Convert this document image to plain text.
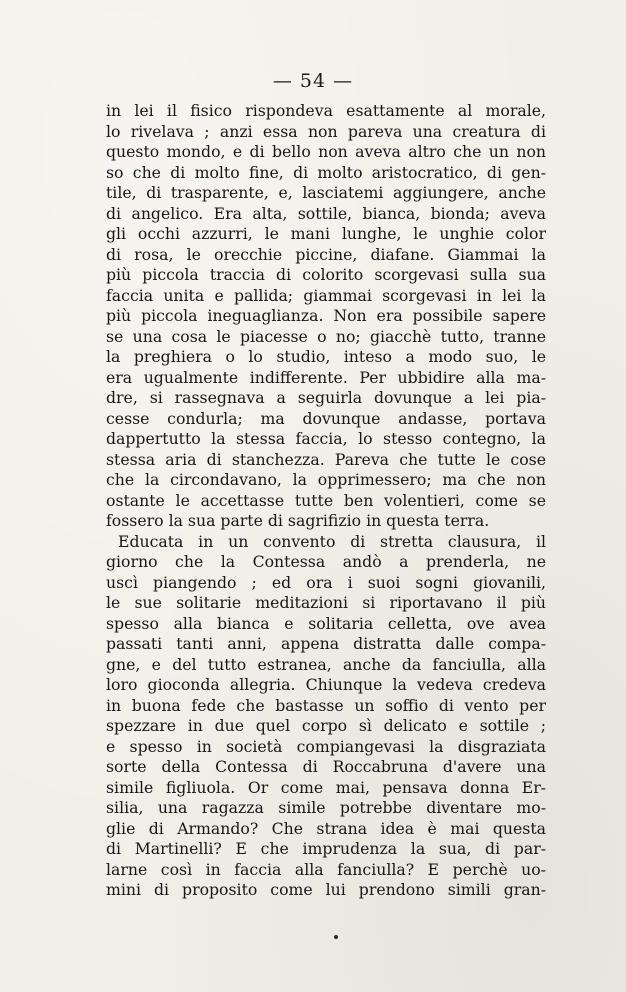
— 54 —
in lei il fisico rispondeva esattamente al morale,
lo rivelava ; anzi essa non pareva una creatura di
questo mondo, e di bello non aveva altro che un non
so che di molto fine, di molto aristocratico, di gen-
tile, di trasparente, e, lasciatemi aggiungere, anche
di angelico. Era alta, sottile, bianca, bionda; aveva
gli occhi azzurri, le mani lunghe, le unghie color
di rosa, le orecchie piccine, diafane. Giammai la
più piccola traccia di colorito scorgevasi sulla sua
faccia unita e pallida; giammai scorgevasi in lei la
più piccola ineguaglianza. Non era possibile sapere
se una cosa le piacesse o no; giacchè tutto, tranne
la preghiera o lo studio, inteso a modo suo, le
era ugualmente indifferente. Per ubbidire alla ma-
dre, si rassegnava a seguirla dovunque a lei pia-
cesse condurla; ma dovunque andasse, portava
dappertutto la stessa faccia, lo stesso contegno, la
stessa aria di stanchezza. Pareva che tutte le cose
che la circondavano, la opprimessero; ma che non
ostante le accettasse tutte ben volentieri, come se
fossero la sua parte di sagrifizio in questa terra.
Educata in un convento di stretta clausura, il
giorno che la Contessa andò a prenderla, ne
uscì piangendo ; ed ora i suoi sogni giovanili,
le sue solitarie meditazioni si riportavano il più
spesso alla bianca e solitaria celletta, ove avea
passati tanti anni, appena distratta dalle compa-
gne, e del tutto estranea, anche da fanciulla, alla
loro gioconda allegria. Chiunque la vedeva credeva
in buona fede che bastasse un soffio di vento per
spezzare in due quel corpo sì delicato e sottile ;
e spesso in società compiangevasi la disgraziata
sorte della Contessa di Roccabruna d'avere una
simile figliuola. Or come mai, pensava donna Er-
silia, una ragazza simile potrebbe diventare mo-
glie di Armando? Che strana idea è mai questa
di Martinelli? E che imprudenza la sua, di par-
larne così in faccia alla fanciulla? E perchè uo-
mini di proposito come lui prendono simili gran-
